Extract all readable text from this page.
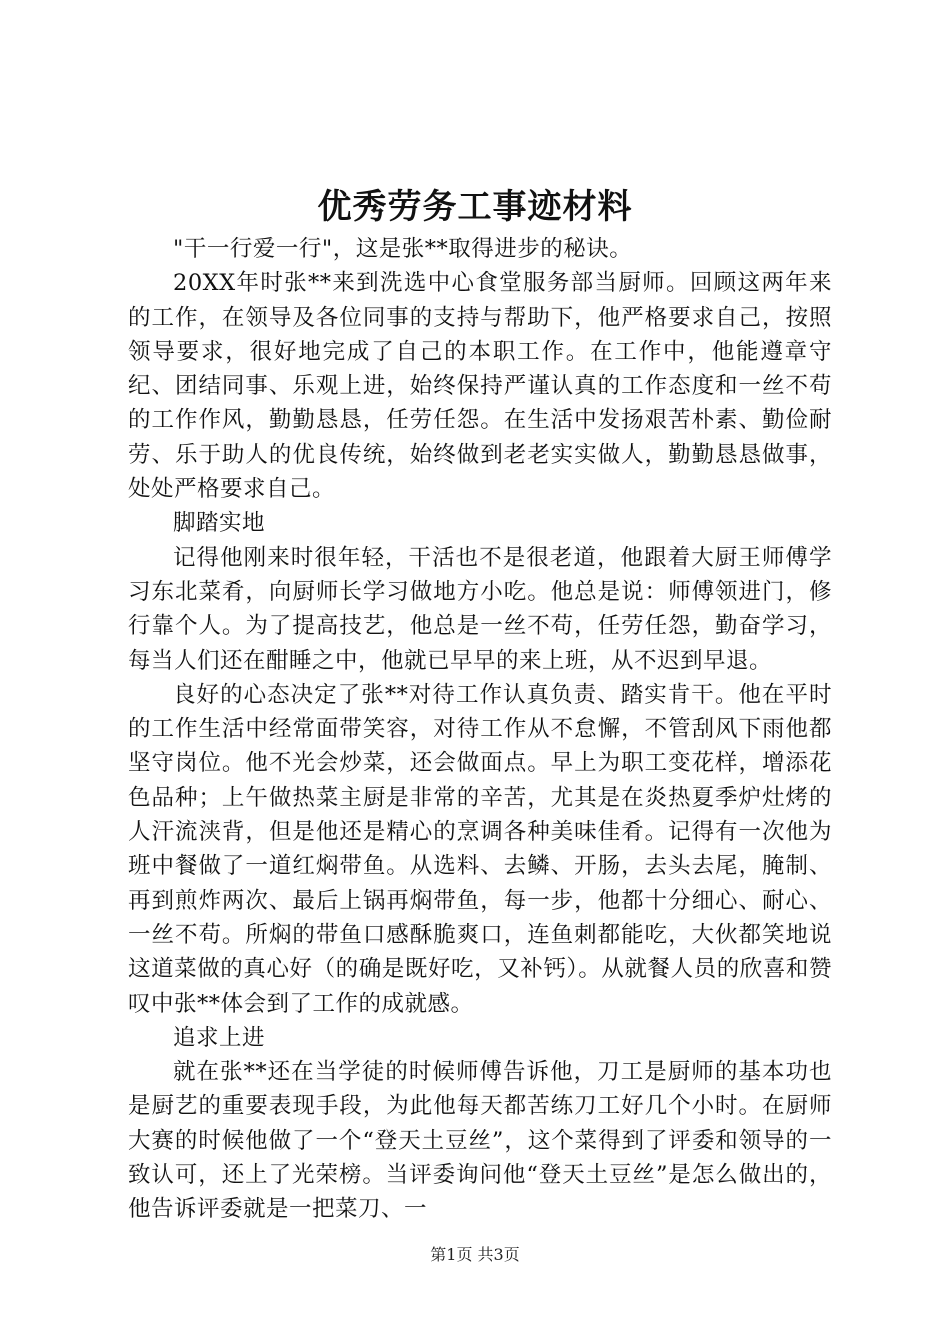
优秀劳务工事迹材料

"干一行爱一行"，这是张**取得进步的秘诀。

20XX年时张**来到洗选中心食堂服务部当厨师。回顾这两年来的工作，在领导及各位同事的支持与帮助下，他严格要求自己，按照领导要求，很好地完成了自己的本职工作。在工作中，他能遵章守纪、团结同事、乐观上进，始终保持严谨认真的工作态度和一丝不苟的工作作风，勤勤恳恳，任劳任怨。在生活中发扬艰苦朴素、勤俭耐劳、乐于助人的优良传统，始终做到老老实实做人，勤勤恳恳做事，处处严格要求自己。

脚踏实地

记得他刚来时很年轻，干活也不是很老道，他跟着大厨王师傅学习东北菜肴，向厨师长学习做地方小吃。他总是说：师傅领进门，修行靠个人。为了提高技艺，他总是一丝不苟，任劳任怨，勤奋学习，每当人们还在酣睡之中，他就已早早的来上班，从不迟到早退。

良好的心态决定了张**对待工作认真负责、踏实肯干。他在平时的工作生活中经常面带笑容，对待工作从不怠懈，不管刮风下雨他都坚守岗位。他不光会炒菜，还会做面点。早上为职工变花样，增添花色品种；上午做热菜主厨是非常的辛苦，尤其是在炎热夏季炉灶烤的人汗流浃背，但是他还是精心的烹调各种美味佳肴。记得有一次他为班中餐做了一道红焖带鱼。从选料、去鳞、开肠，去头去尾，腌制、再到煎炸两次、最后上锅再焖带鱼，每一步，他都十分细心、耐心、一丝不苟。所焖的带鱼口感酥脆爽口，连鱼刺都能吃，大伙都笑地说这道菜做的真心好（的确是既好吃，又补钙）。从就餐人员的欣喜和赞叹中张**体会到了工作的成就感。

追求上进

就在张**还在当学徒的时候师傅告诉他，刀工是厨师的基本功也是厨艺的重要表现手段，为此他每天都苦练刀工好几个小时。在厨师大赛的时候他做了一个“登天土豆丝”，这个菜得到了评委和领导的一致认可，还上了光荣榜。当评委询问他“登天土豆丝”是怎么做出的，他告诉评委就是一把菜刀、一

第1页 共3页
